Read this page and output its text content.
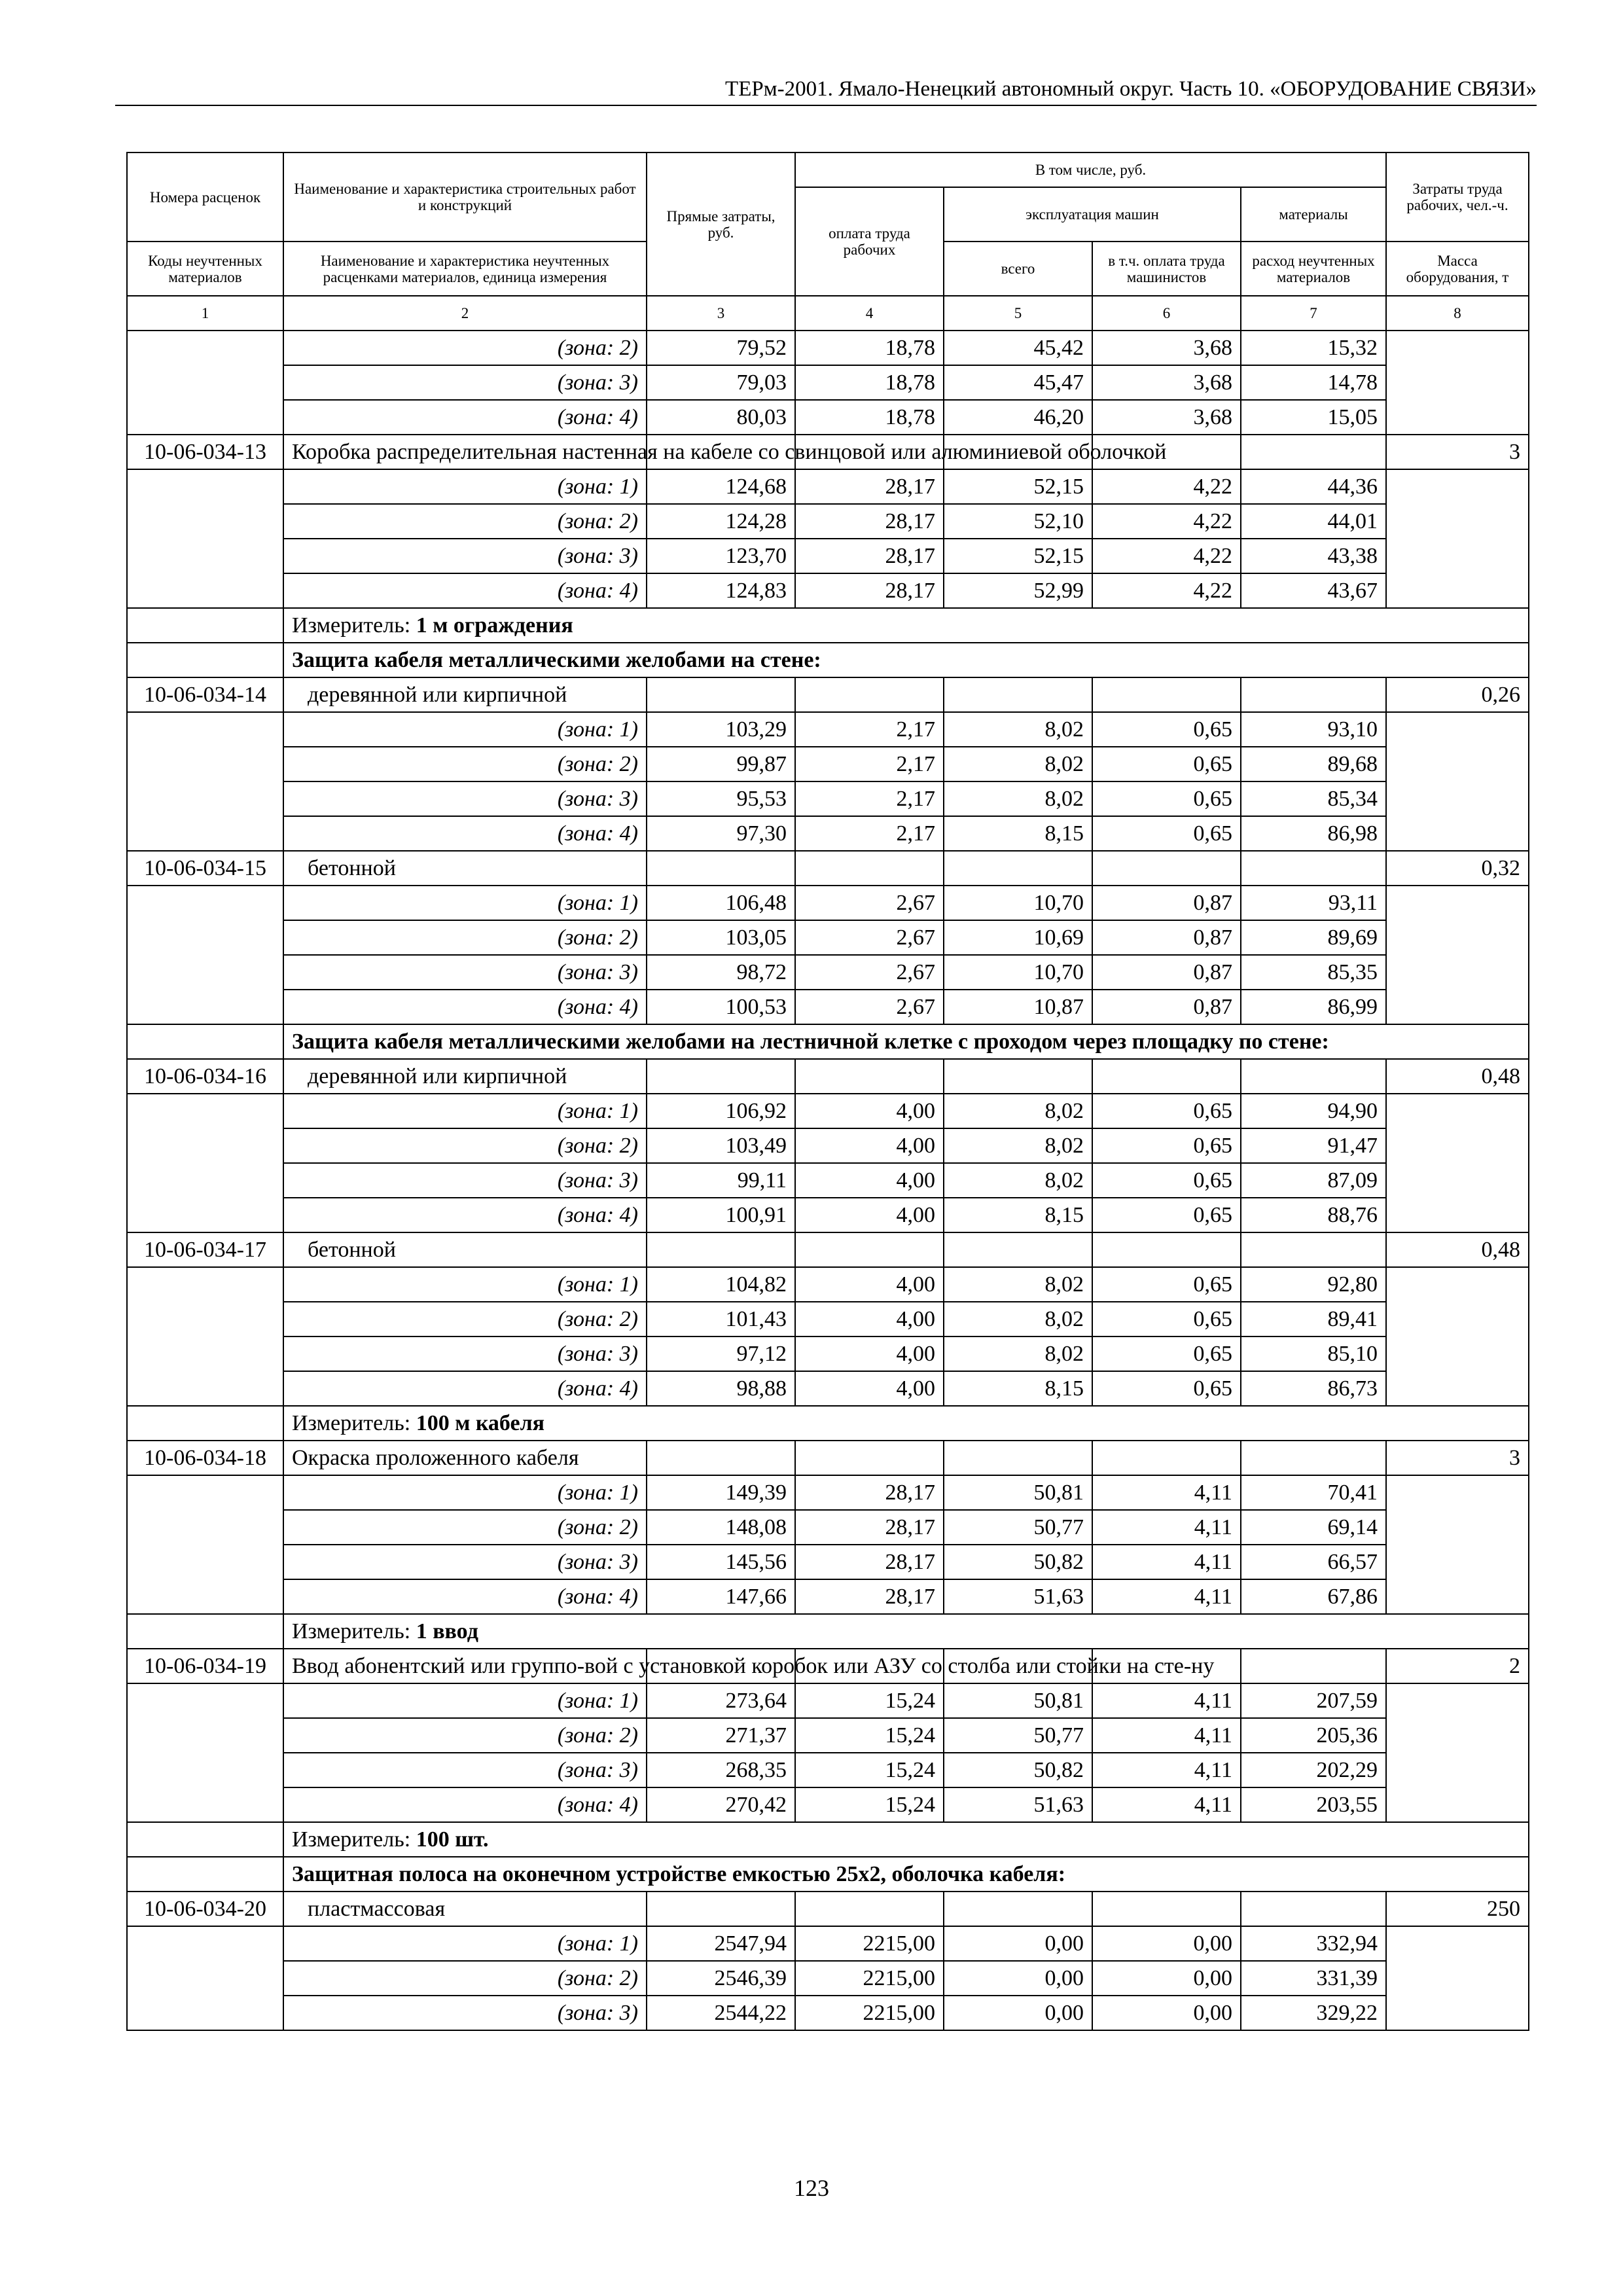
ТЕРм-2001. Ямало-Ненецкий автономный округ. Часть 10. «ОБОРУДОВАНИЕ СВЯЗИ»
Номера расценок	Наименование и характеристика строительных работ и конструкций	Прямые затраты, руб.	В том числе, руб.				Затраты труда рабочих, чел.-ч.
			оплата труда рабочих	эксплуатация машин		материалы	
Коды неучтенных материалов	Наименование и характеристика неучтенных расценками материалов, единица измерения			всего	в т.ч. оплата труда машинистов	расход неучтенных материалов	Масса оборудования, т
1	2	3	4	5	6	7	8
	(зона: 2)	79,52	18,78	45,42	3,68	15,32	
	(зона: 3)	79,03	18,78	45,47	3,68	14,78	
	(зона: 4)	80,03	18,78	46,20	3,68	15,05	
10-06-034-13	Коробка распределительная настенная на кабеле со свинцовой или алюминиевой оболочкой						3
	(зона: 1)	124,68	28,17	52,15	4,22	44,36	
	(зона: 2)	124,28	28,17	52,10	4,22	44,01	
	(зона: 3)	123,70	28,17	52,15	4,22	43,38	
	(зона: 4)	124,83	28,17	52,99	4,22	43,67	
	Измеритель: 1 м ограждения						
	Защита кабеля металлическими желобами на стене:						
10-06-034-14	деревянной или кирпичной						0,26
	(зона: 1)	103,29	2,17	8,02	0,65	93,10	
	(зона: 2)	99,87	2,17	8,02	0,65	89,68	
	(зона: 3)	95,53	2,17	8,02	0,65	85,34	
	(зона: 4)	97,30	2,17	8,15	0,65	86,98	
10-06-034-15	бетонной						0,32
	(зона: 1)	106,48	2,67	10,70	0,87	93,11	
	(зона: 2)	103,05	2,67	10,69	0,87	89,69	
	(зона: 3)	98,72	2,67	10,70	0,87	85,35	
	(зона: 4)	100,53	2,67	10,87	0,87	86,99	
	Защита кабеля металлическими желобами на лестничной клетке с проходом через площадку по стене:						
10-06-034-16	деревянной или кирпичной						0,48
	(зона: 1)	106,92	4,00	8,02	0,65	94,90	
	(зона: 2)	103,49	4,00	8,02	0,65	91,47	
	(зона: 3)	99,11	4,00	8,02	0,65	87,09	
	(зона: 4)	100,91	4,00	8,15	0,65	88,76	
10-06-034-17	бетонной						0,48
	(зона: 1)	104,82	4,00	8,02	0,65	92,80	
	(зона: 2)	101,43	4,00	8,02	0,65	89,41	
	(зона: 3)	97,12	4,00	8,02	0,65	85,10	
	(зона: 4)	98,88	4,00	8,15	0,65	86,73	
	Измеритель: 100 м кабеля						
10-06-034-18	Окраска проложенного кабеля						3
	(зона: 1)	149,39	28,17	50,81	4,11	70,41	
	(зона: 2)	148,08	28,17	50,77	4,11	69,14	
	(зона: 3)	145,56	28,17	50,82	4,11	66,57	
	(зона: 4)	147,66	28,17	51,63	4,11	67,86	
	Измеритель: 1 ввод						
10-06-034-19	Ввод абонентский или группо-вой с установкой коробок или АЗУ со столба или стойки на сте-ну						2
	(зона: 1)	273,64	15,24	50,81	4,11	207,59	
	(зона: 2)	271,37	15,24	50,77	4,11	205,36	
	(зона: 3)	268,35	15,24	50,82	4,11	202,29	
	(зона: 4)	270,42	15,24	51,63	4,11	203,55	
	Измеритель: 100 шт.						
	Защитная полоса на оконечном устройстве емкостью 25х2, оболочка кабеля:						
10-06-034-20	пластмассовая						250
	(зона: 1)	2547,94	2215,00	0,00	0,00	332,94	
	(зона: 2)	2546,39	2215,00	0,00	0,00	331,39	
	(зона: 3)	2544,22	2215,00	0,00	0,00	329,22	
123
